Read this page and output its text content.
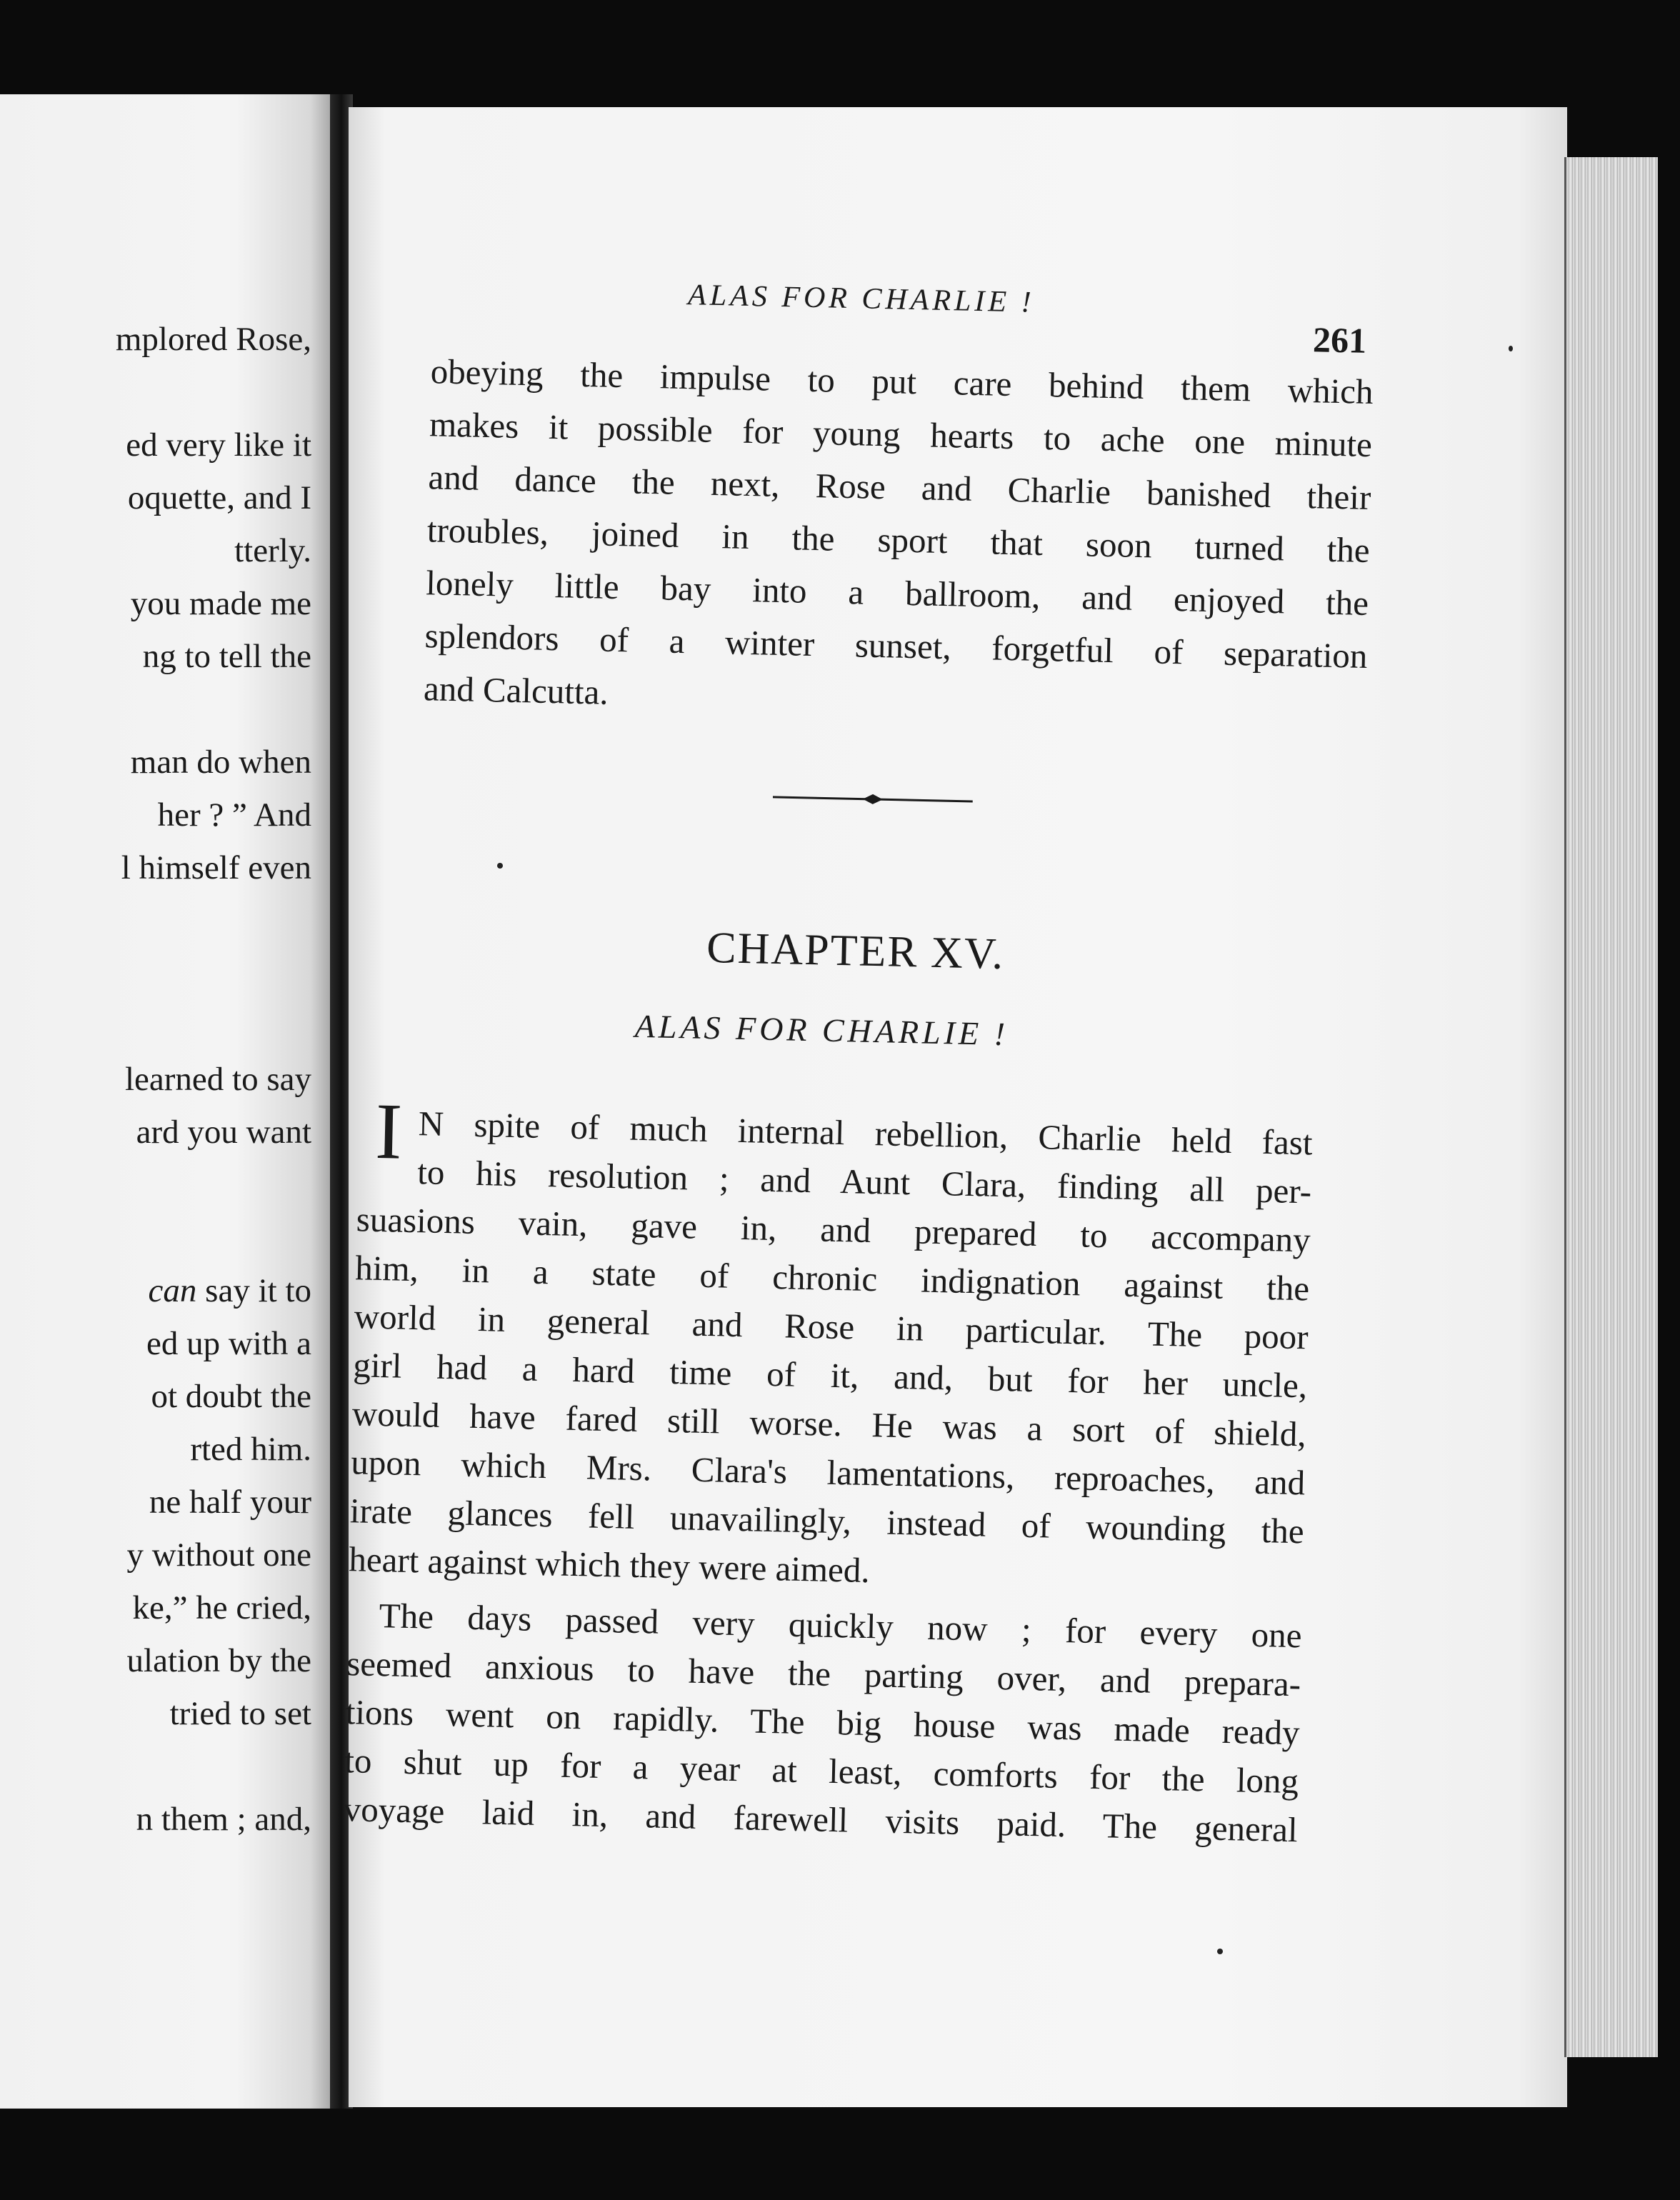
mplored Rose,
ed very like it
oquette, and I
tterly.
you made me
ng to tell the
man do when
her ? ” And
l himself even
learned to say
ard you want
can say it to
ed up with a
ot doubt the
rted him.
ne half your
y without one
ke,” he cried,
ulation by the
tried to set
n them ; and,
ALAS FOR CHARLIE !
261
obeying the impulse to put care behind them which
makes it possible for young hearts to ache one minute
and dance the next, Rose and Charlie banished their
troubles, joined in the sport that soon turned the
lonely little bay into a ballroom, and enjoyed the
splendors of a winter sunset, forgetful of separation
and Calcutta.
CHAPTER XV.
ALAS FOR CHARLIE !
I N spite of much internal rebellion, Charlie held fast
to his resolution ; and Aunt Clara, finding all per-
suasions vain, gave in, and prepared to accompany
him, in a state of chronic indignation against the
world in general and Rose in particular. The poor
girl had a hard time of it, and, but for her uncle,
would have fared still worse. He was a sort of shield,
upon which Mrs. Clara's lamentations, reproaches, and
irate glances fell unavailingly, instead of wounding the
heart against which they were aimed.
The days passed very quickly now ; for every one
seemed anxious to have the parting over, and prepara-
tions went on rapidly. The big house was made ready
to shut up for a year at least, comforts for the long
voyage laid in, and farewell visits paid. The general
